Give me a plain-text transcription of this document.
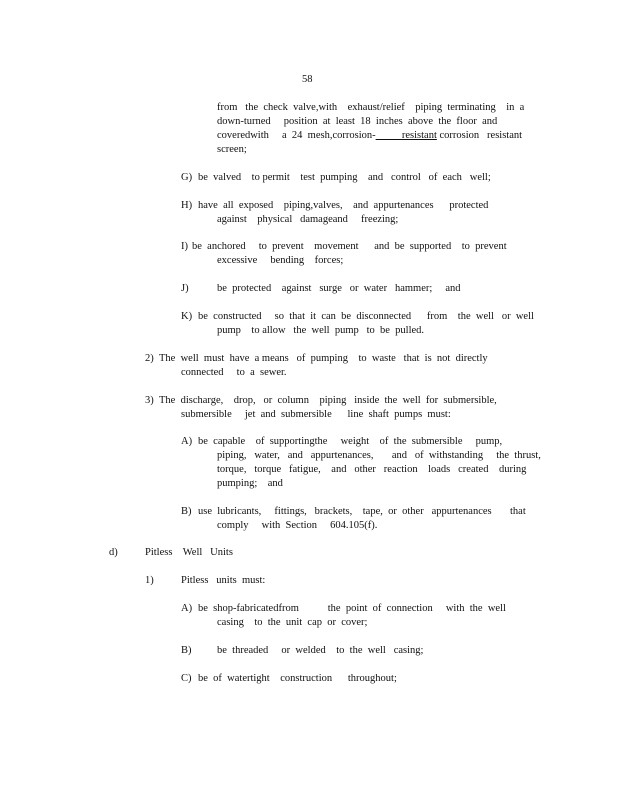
58
from   the  check  valve,with    exhaust/relief    piping  terminating    in  a
down-turned     position  at  least  18  inches  above  the  floor  and
coveredwith     a  24  mesh,corrosion-          resistant corrosion   resistant
screen;
G) be  valved    to permit    test  pumping    and   control   of  each   well;
H) have  all  exposed    piping,valves,    and  appurtenances      protected
against    physical   damageand     freezing;
I) be  anchored     to  prevent    movement      and  be  supported    to  prevent
excessive     bending    forces;
J)	be  protected    against   surge   or  water   hammer;     and
K) be  constructed     so  that  it  can  be  disconnected      from    the  well   or  well
pump    to allow   the  well  pump   to  be  pulled.
2) The  well  must  have  a means   of  pumping    to  waste   that  is  not  directly
connected     to  a  sewer.
3) The  discharge,    drop,   or  column    piping   inside  the  well  for  submersible,
submersible     jet  and  submersible      line  shaft  pumps  must:
A) be  capable    of  supportingthe     weight    of  the  submersible     pump,
piping,   water,   and   appurtenances,       and   of  withstanding     the  thrust,
torque,   torque   fatigue,    and   other   reaction    loads   created    during
pumping;    and
B) use  lubricants,     fittings,   brackets,    tape,  or  other   appurtenances       that
comply     with  Section     604.105(f).
d)	Pitless    Well   Units
1)	Pitless   units  must:
A) be  shop-fabricatedfrom           the  point  of  connection     with  the  well
casing    to  the  unit  cap  or  cover;
B) be  threaded     or  welded    to  the  well   casing;
C) be  of  watertight    construction      throughout;
